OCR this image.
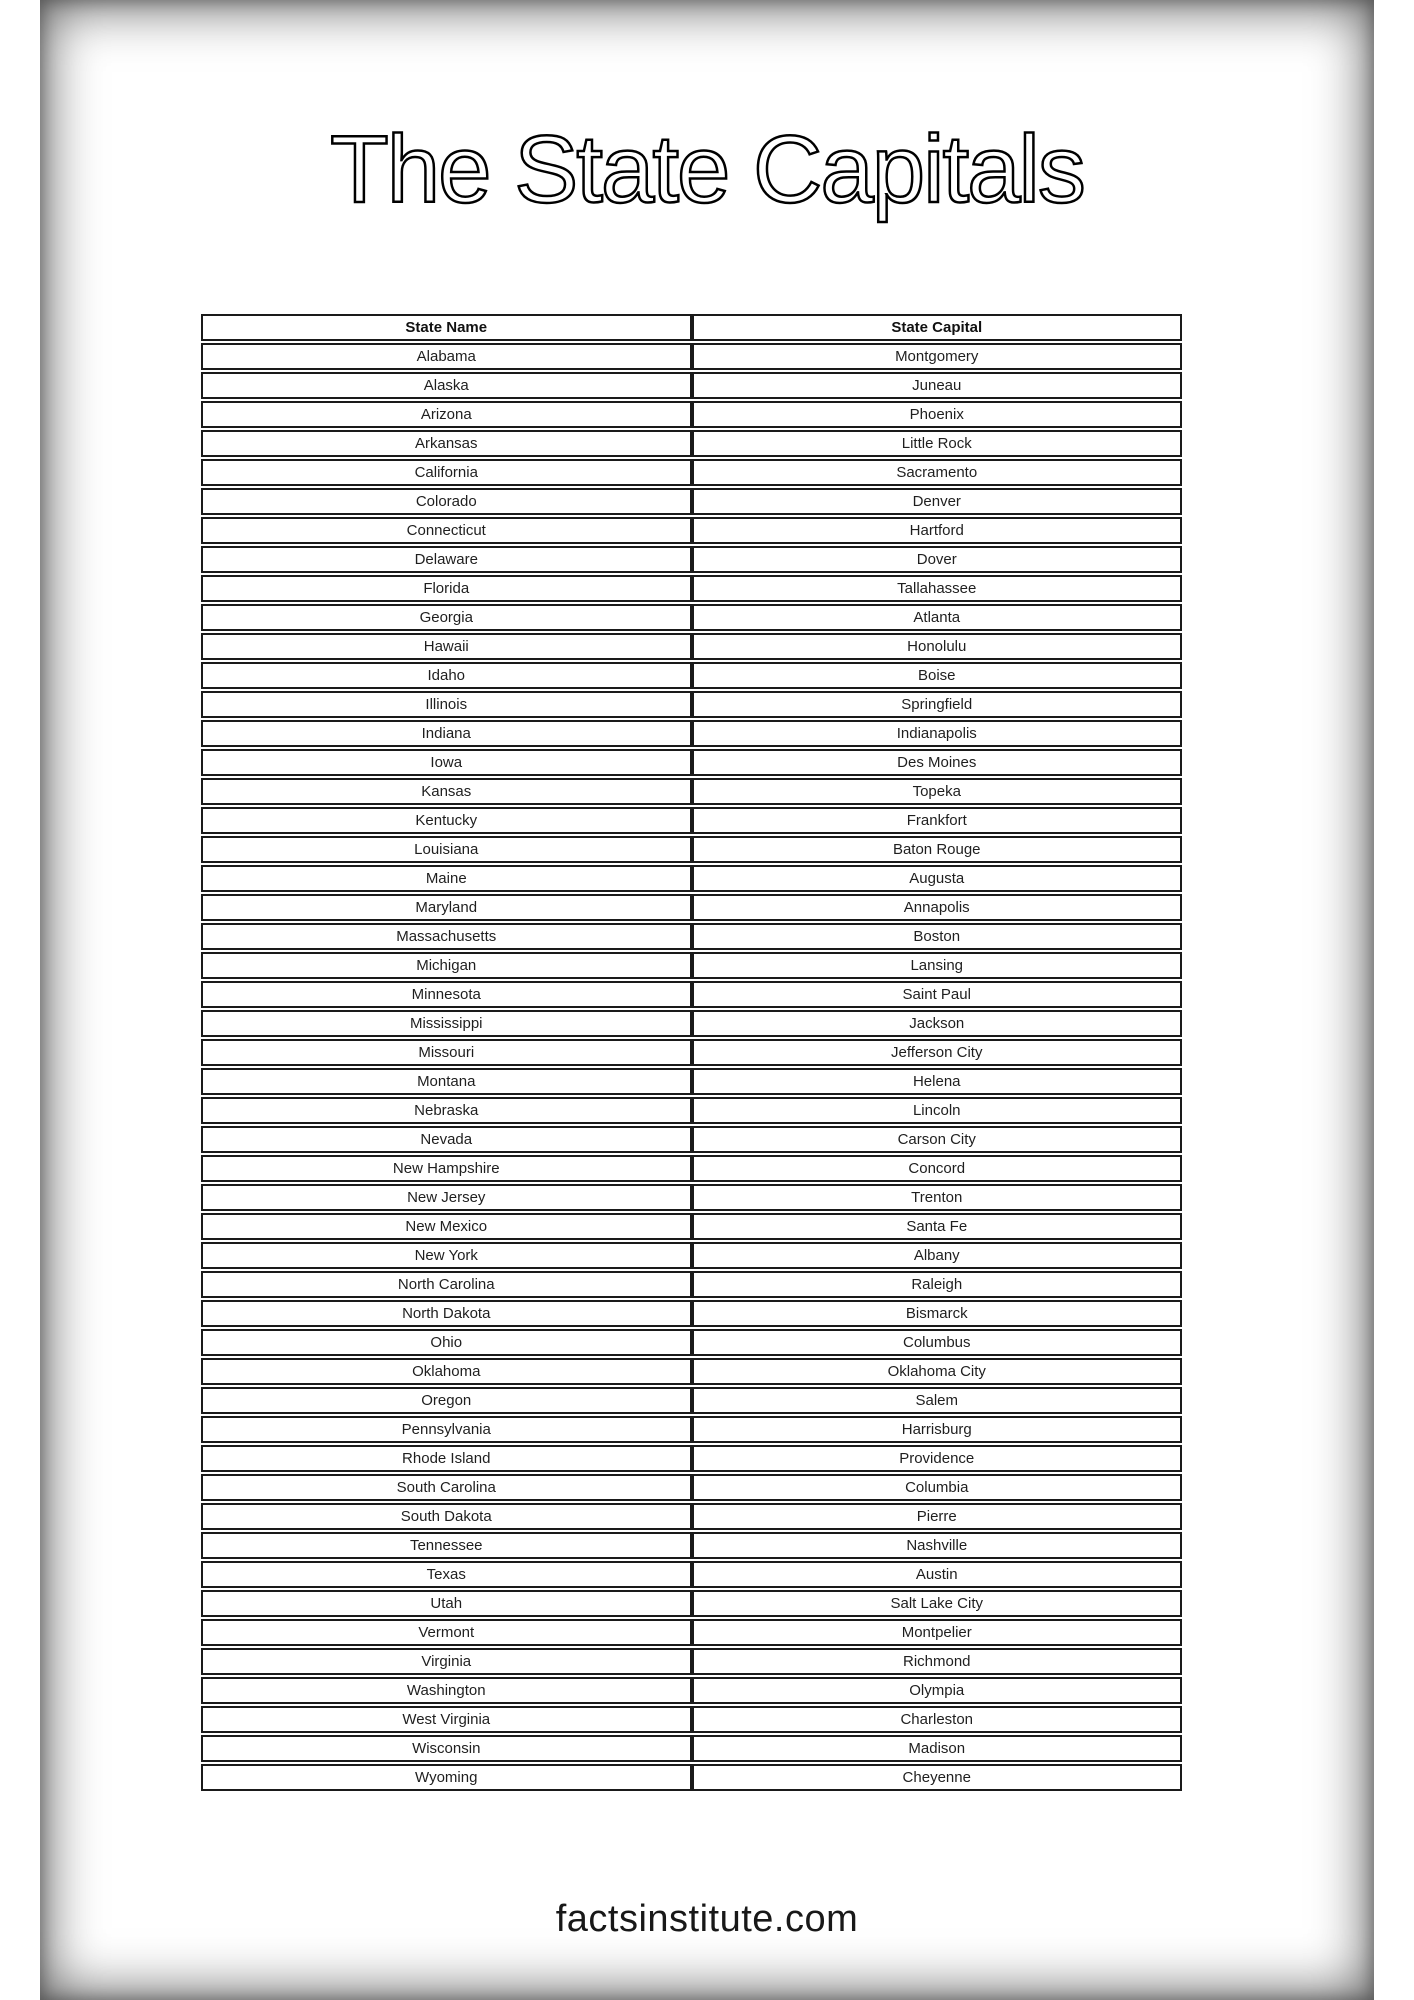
The State Capitals
State Name	State Capital
Alabama	Montgomery
Alaska	Juneau
Arizona	Phoenix
Arkansas	Little Rock
California	Sacramento
Colorado	Denver
Connecticut	Hartford
Delaware	Dover
Florida	Tallahassee
Georgia	Atlanta
Hawaii	Honolulu
Idaho	Boise
Illinois	Springfield
Indiana	Indianapolis
Iowa	Des Moines
Kansas	Topeka
Kentucky	Frankfort
Louisiana	Baton Rouge
Maine	Augusta
Maryland	Annapolis
Massachusetts	Boston
Michigan	Lansing
Minnesota	Saint Paul
Mississippi	Jackson
Missouri	Jefferson City
Montana	Helena
Nebraska	Lincoln
Nevada	Carson City
New Hampshire	Concord
New Jersey	Trenton
New Mexico	Santa Fe
New York	Albany
North Carolina	Raleigh
North Dakota	Bismarck
Ohio	Columbus
Oklahoma	Oklahoma City
Oregon	Salem
Pennsylvania	Harrisburg
Rhode Island	Providence
South Carolina	Columbia
South Dakota	Pierre
Tennessee	Nashville
Texas	Austin
Utah	Salt Lake City
Vermont	Montpelier
Virginia	Richmond
Washington	Olympia
West Virginia	Charleston
Wisconsin	Madison
Wyoming	Cheyenne
factsinstitute.com
